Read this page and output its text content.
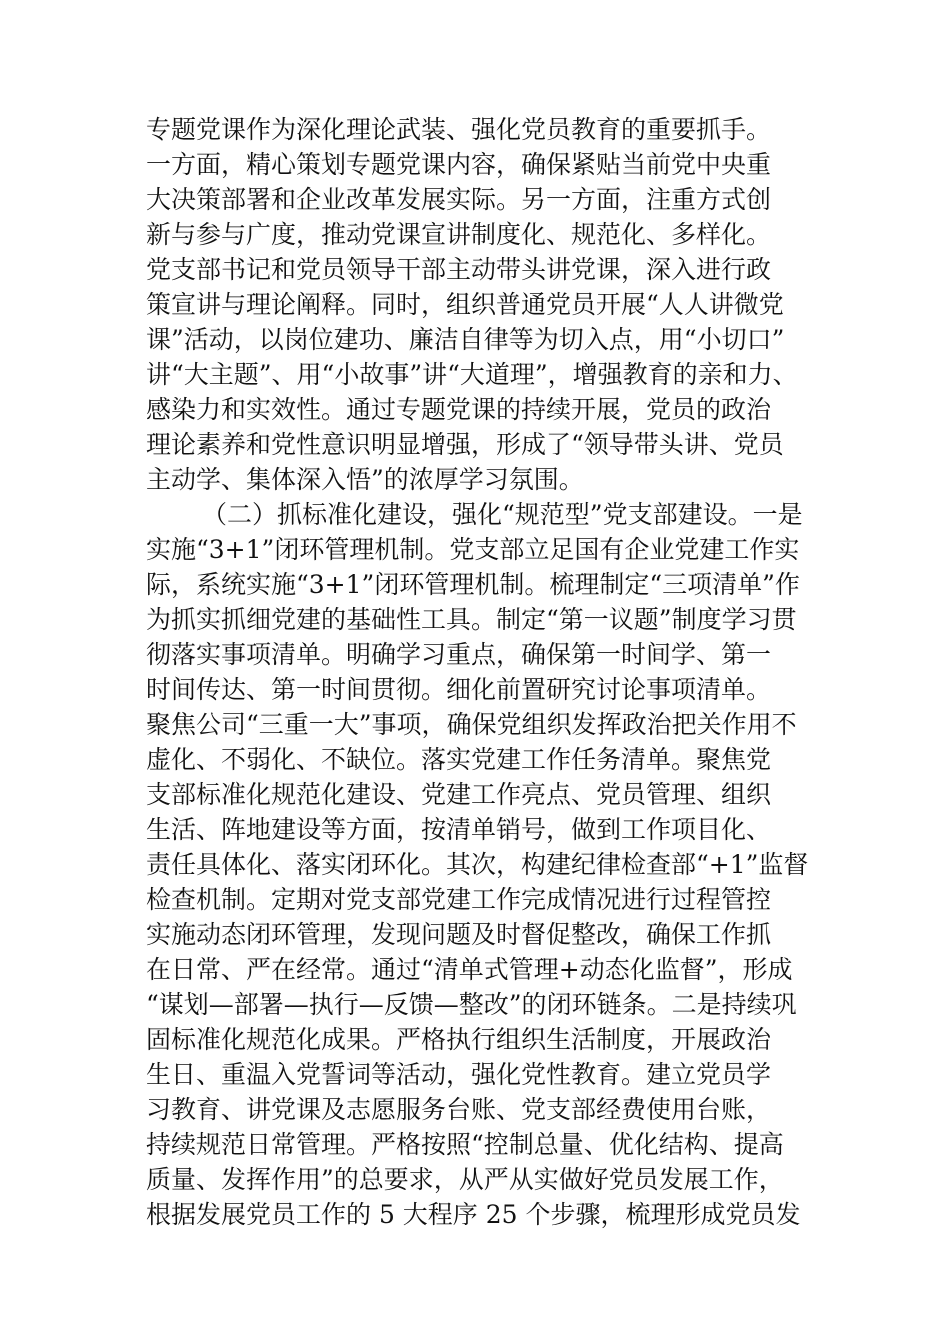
专题党课作为深化理论武装、强化党员教育的重要抓手。
一方面，精心策划专题党课内容，确保紧贴当前党中央重
大决策部署和企业改革发展实际。另一方面，注重方式创
新与参与广度，推动党课宣讲制度化、规范化、多样化。
党支部书记和党员领导干部主动带头讲党课，深入进行政
策宣讲与理论阐释。同时，组织普通党员开展“人人讲微党
课”活动，以岗位建功、廉洁自律等为切入点，用“小切口”
讲“大主题”、用“小故事”讲“大道理”，增强教育的亲和力、
感染力和实效性。通过专题党课的持续开展，党员的政治
理论素养和党性意识明显增强，形成了“领导带头讲、党员
主动学、集体深入悟”的浓厚学习氛围。
（二）抓标准化建设，强化“规范型”党支部建设。一是
实施“3+1”闭环管理机制。党支部立足国有企业党建工作实
际，系统实施“3+1”闭环管理机制。梳理制定“三项清单”作
为抓实抓细党建的基础性工具。制定“第一议题”制度学习贯
彻落实事项清单。明确学习重点，确保第一时间学、第一
时间传达、第一时间贯彻。细化前置研究讨论事项清单。
聚焦公司“三重一大”事项，确保党组织发挥政治把关作用不
虚化、不弱化、不缺位。落实党建工作任务清单。聚焦党
支部标准化规范化建设、党建工作亮点、党员管理、组织
生活、阵地建设等方面，按清单销号，做到工作项目化、
责任具体化、落实闭环化。其次，构建纪律检查部“+1”监督
检查机制。定期对党支部党建工作完成情况进行过程管控
实施动态闭环管理，发现问题及时督促整改，确保工作抓
在日常、严在经常。通过“清单式管理+动态化监督”，形成
“谋划—部署—执行—反馈—整改”的闭环链条。二是持续巩
固标准化规范化成果。严格执行组织生活制度，开展政治
生日、重温入党誓词等活动，强化党性教育。建立党员学
习教育、讲党课及志愿服务台账、党支部经费使用台账，
持续规范日常管理。严格按照“控制总量、优化结构、提高
质量、发挥作用”的总要求，从严从实做好党员发展工作，
根据发展党员工作的 5 大程序 25 个步骤，梳理形成党员发
